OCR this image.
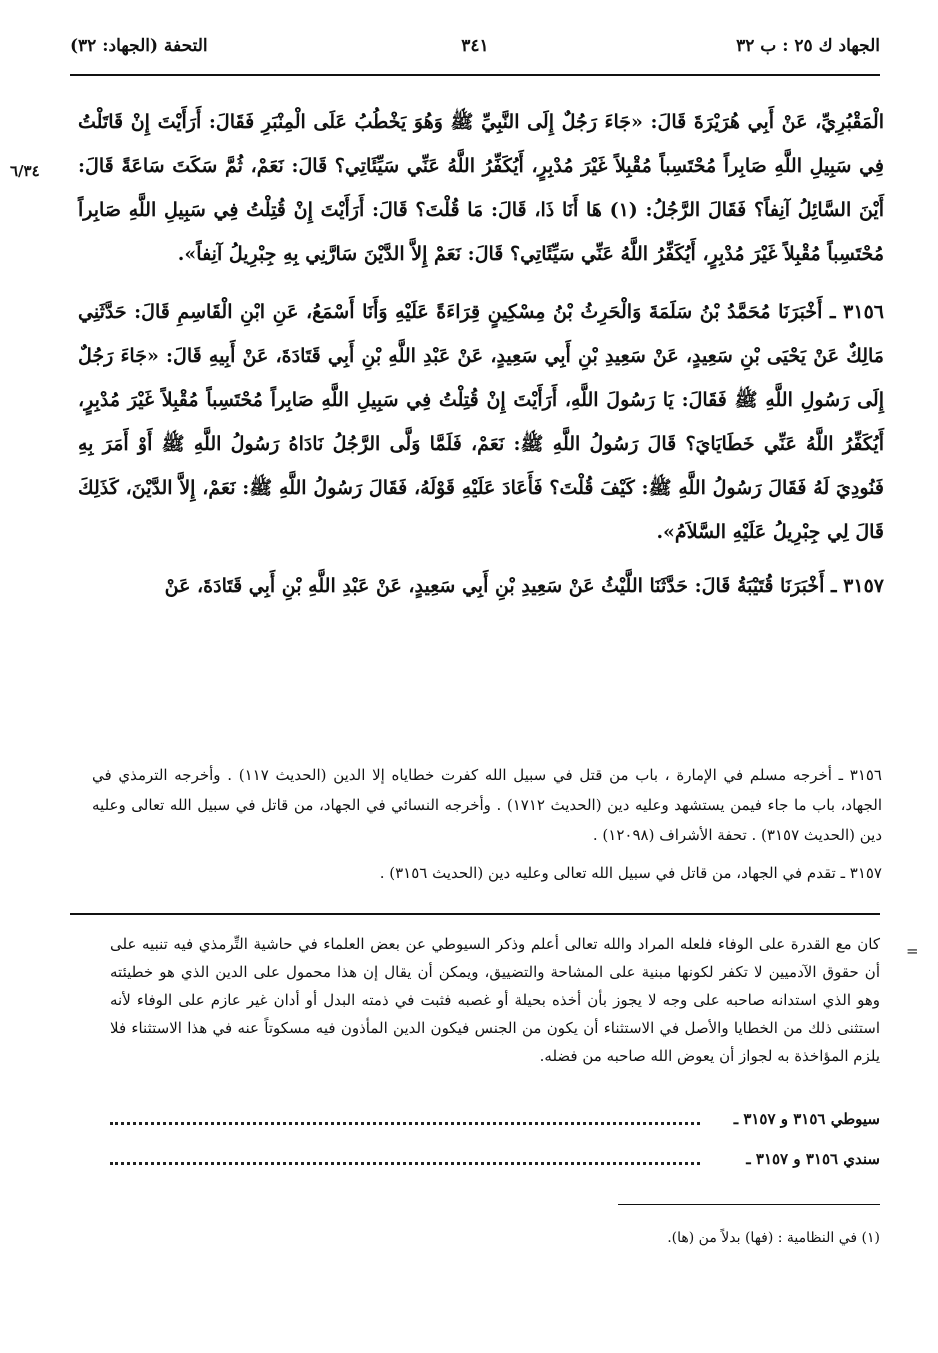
الجهاد ك ٢٥ : ب ٣٢
٣٤١
التحفة (الجهاد: ٣٢)
٦/٣٤

الْمَقْبُرِيِّ، عَنْ أَبِي هُرَيْرَةَ قَالَ: «جَاءَ رَجُلٌ إِلَى النَّبِيِّ ﷺ وَهُوَ يَخْطُبُ عَلَى الْمِنْبَرِ فَقَالَ: أَرَأَيْتَ إِنْ قَاتَلْتُ فِي سَبِيلِ اللَّهِ صَابِراً مُحْتَسِباً مُقْبِلاً غَيْرَ مُدْبِرٍ، أَيُكَفِّرُ اللَّهُ عَنِّي سَيِّئَاتِي؟ قَالَ: نَعَمْ، ثُمَّ سَكَتَ سَاعَةً قَالَ: أَيْنَ السَّائِلُ آنِفاً؟ فَقَالَ الرَّجُلُ: (١) هَا أَنَا ذَا، قَالَ: مَا قُلْتَ؟ قَالَ: أَرَأَيْتَ إِنْ قُتِلْتُ فِي سَبِيلِ اللَّهِ صَابِراً مُحْتَسِباً مُقْبِلاً غَيْرَ مُدْبِرٍ، أَيُكَفِّرُ اللَّهُ عَنِّي سَيِّئَاتِي؟ قَالَ: نَعَمْ إِلاَّ الدَّيْنَ سَارَّنِي بِهِ جِبْرِيلُ آنِفاً».

٣١٥٦ ـ أَخْبَرَنَا مُحَمَّدُ بْنُ سَلَمَةَ وَالْحَرِثُ بْنُ مِسْكِينٍ قِرَاءَةً عَلَيْهِ وَأَنَا أَسْمَعُ، عَنِ ابْنِ الْقَاسِمِ قَالَ: حَدَّثَنِي مَالِكٌ عَنْ يَحْيَى بْنِ سَعِيدٍ، عَنْ سَعِيدِ بْنِ أَبِي سَعِيدٍ، عَنْ عَبْدِ اللَّهِ بْنِ أَبِي قَتَادَةَ، عَنْ أَبِيهِ قَالَ: «جَاءَ رَجُلٌ إِلَى رَسُولِ اللَّهِ ﷺ فَقَالَ: يَا رَسُولَ اللَّهِ، أَرَأَيْتَ إِنْ قُتِلْتُ فِي سَبِيلِ اللَّهِ صَابِراً مُحْتَسِباً مُقْبِلاً غَيْرَ مُدْبِرٍ، أَيُكَفِّرُ اللَّهُ عَنِّي خَطَايَايَ؟ قَالَ رَسُولُ اللَّهِ ﷺ: نَعَمْ، فَلَمَّا وَلَّى الرَّجُلُ نَادَاهُ رَسُولُ اللَّهِ ﷺ أَوْ أَمَرَ بِهِ فَنُودِيَ لَهُ فَقَالَ رَسُولُ اللَّهِ ﷺ: كَيْفَ قُلْتَ؟ فَأَعَادَ عَلَيْهِ قَوْلَهُ، فَقَالَ رَسُولُ اللَّهِ ﷺ: نَعَمْ، إِلاَّ الدَّيْنَ، كَذَلِكَ قَالَ لِي جِبْرِيلُ عَلَيْهِ السَّلاَمُ».

٣١٥٧ ـ أَخْبَرَنَا قُتَيْبَةُ قَالَ: حَدَّثَنَا اللَّيْثُ عَنْ سَعِيدِ بْنِ أَبِي سَعِيدٍ، عَنْ عَبْدِ اللَّهِ بْنِ أَبِي قَتَادَةَ، عَنْ

٣١٥٦ ـ أخرجه مسلم في الإمارة ، باب من قتل في سبيل الله كفرت خطاياه إلا الدين (الحديث ١١٧) . وأخرجه الترمذي في الجهاد، باب ما جاء فيمن يستشهد وعليه دين (الحديث ١٧١٢) . وأخرجه النسائي في الجهاد، من قاتل في سبيل الله تعالى وعليه دين (الحديث ٣١٥٧) . تحفة الأشراف (١٢٠٩٨) .

٣١٥٧ ـ تقدم في الجهاد، من قاتل في سبيل الله تعالى وعليه دين (الحديث ٣١٥٦) .

=
كان مع القدرة على الوفاء فلعله المراد والله تعالى أعلم وذكر السيوطي عن بعض العلماء في حاشية التِّرمذي فيه تنبيه على أن حقوق الآدميين لا تكفر لكونها مبنية على المشاحة والتضييق، ويمكن أن يقال إن هذا محمول على الدين الذي هو خطيئته وهو الذي استدانه صاحبه على وجه لا يجوز بأن أخذه بحيلة أو غصبه فثبت في ذمته البدل أو أدان غير عازم على الوفاء لأنه استثنى ذلك من الخطايا والأصل في الاستثناء أن يكون من الجنس فيكون الدين المأذون فيه مسكوتاً عنه في هذا الاستثناء فلا يلزم المؤاخذة به لجواز أن يعوض الله صاحبه من فضله.
سيوطي ٣١٥٦ و ٣١٥٧ ـ
سندي ٣١٥٦ و ٣١٥٧ ـ
(١) في النظامية : (فها) بدلاً من (ها).
